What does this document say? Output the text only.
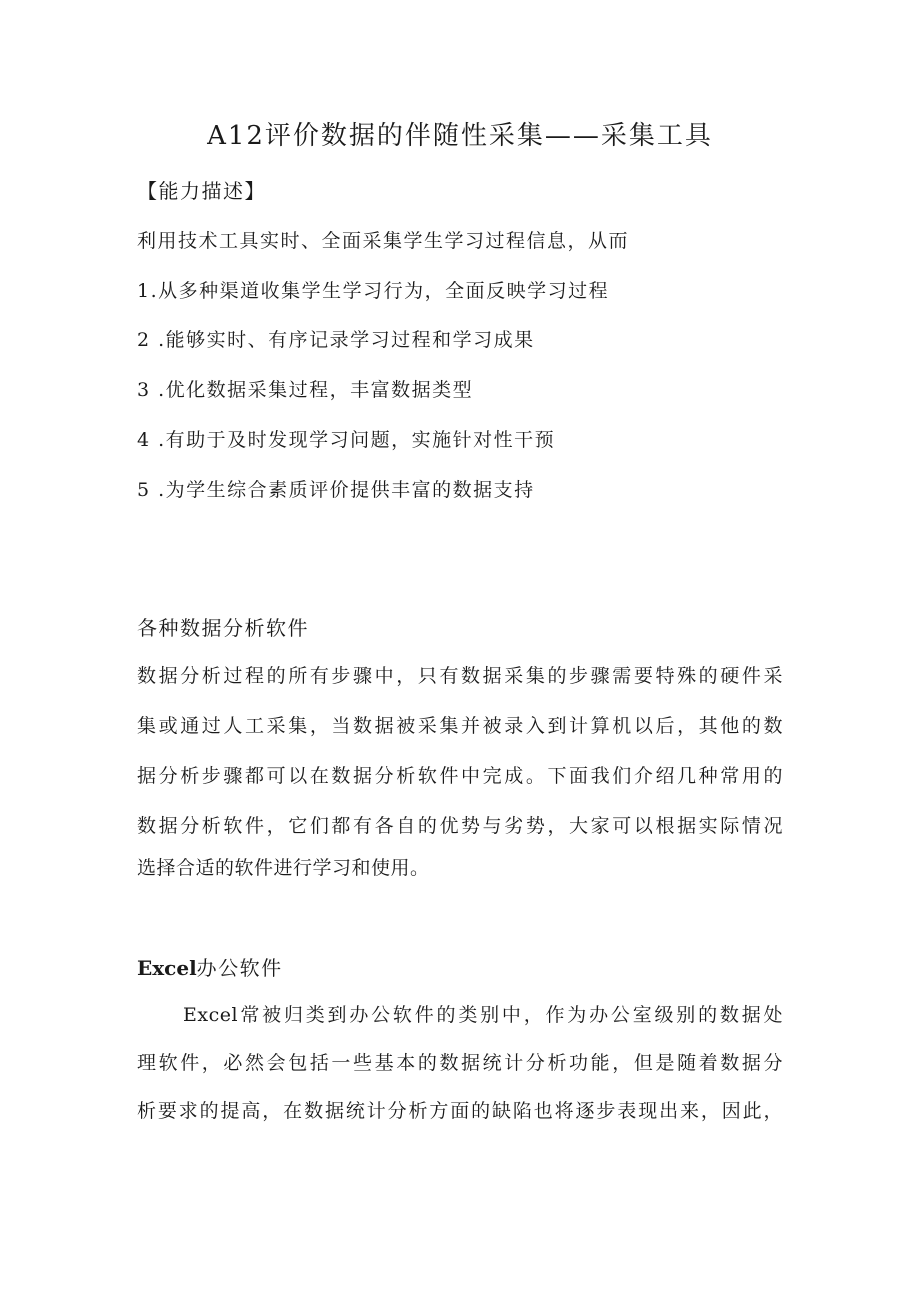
A12评价数据的伴随性采集——采集工具

【能力描述】

利用技术工具实时、全面采集学生学习过程信息，从而

1.从多种渠道收集学生学习行为，全面反映学习过程

2 .能够实时、有序记录学习过程和学习成果

3 .优化数据采集过程，丰富数据类型

4 .有助于及时发现学习问题，实施针对性干预

5 .为学生综合素质评价提供丰富的数据支持

各种数据分析软件

数据分析过程的所有步骤中，只有数据采集的步骤需要特殊的硬件采

集或通过人工采集，当数据被采集并被录入到计算机以后，其他的数

据分析步骤都可以在数据分析软件中完成。下面我们介绍几种常用的

数据分析软件，它们都有各自的优势与劣势，大家可以根据实际情况

选择合适的软件进行学习和使用。

Excel办公软件

Excel常被归类到办公软件的类别中，作为办公室级别的数据处

理软件，必然会包括一些基本的数据统计分析功能，但是随着数据分

析要求的提高，在数据统计分析方面的缺陷也将逐步表现出来，因此，
